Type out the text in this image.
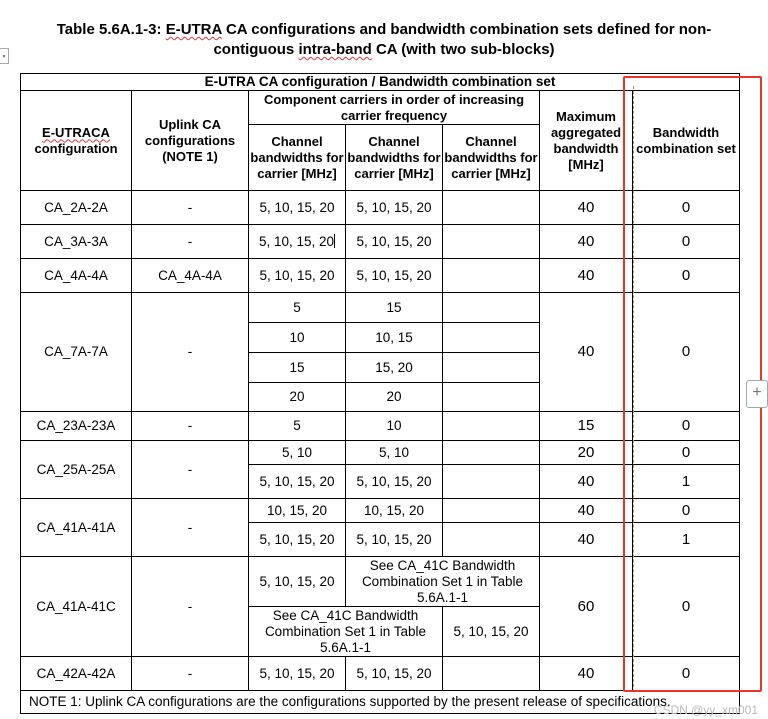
Table 5.6A.1-3: E-UTRA CA configurations and bandwidth combination sets defined for non-
contiguous intra-band CA (with two sub-blocks)
▪
E-UTRA CA configuration / Bandwidth combination set						
E-UTRACA
configuration	Uplink CA configurations (NOTE 1)	Component carriers in order of increasing carrier frequency			Maximum aggregated bandwidth [MHz]	Bandwidth combination set
		Channel bandwidths for carrier [MHz]	Channel bandwidths for carrier [MHz]	Channel bandwidths for carrier [MHz]		
CA_2A-2A	-	5, 10, 15, 20	5, 10, 15, 20		40	0
CA_3A-3A	-	5, 10, 15, 20	5, 10, 15, 20		40	0
CA_4A-4A	CA_4A-4A	5, 10, 15, 20	5, 10, 15, 20		40	0
CA_7A-7A	-	5	15		40	0
		10	10, 15			
		15	15, 20			
		20	20			
CA_23A-23A	-	5	10		15	0
CA_25A-25A	-	5, 10	5, 10		20	0
		5, 10, 15, 20	5, 10, 15, 20		40	1
CA_41A-41A	-	10, 15, 20	10, 15, 20		40	0
		5, 10, 15, 20	5, 10, 15, 20		40	1
CA_41A-41C	-	5, 10, 15, 20	See CA_41C Bandwidth Combination Set 1 in Table 5.6A.1-1		60	0
		See CA_41C Bandwidth Combination Set 1 in Table 5.6A.1-1		5, 10, 15, 20		
CA_42A-42A	-	5, 10, 15, 20	5, 10, 15, 20		40	0
NOTE 1: Uplink CA configurations are the configurations supported by the present release of specifications.						
+
CSDN @yy_xm001
